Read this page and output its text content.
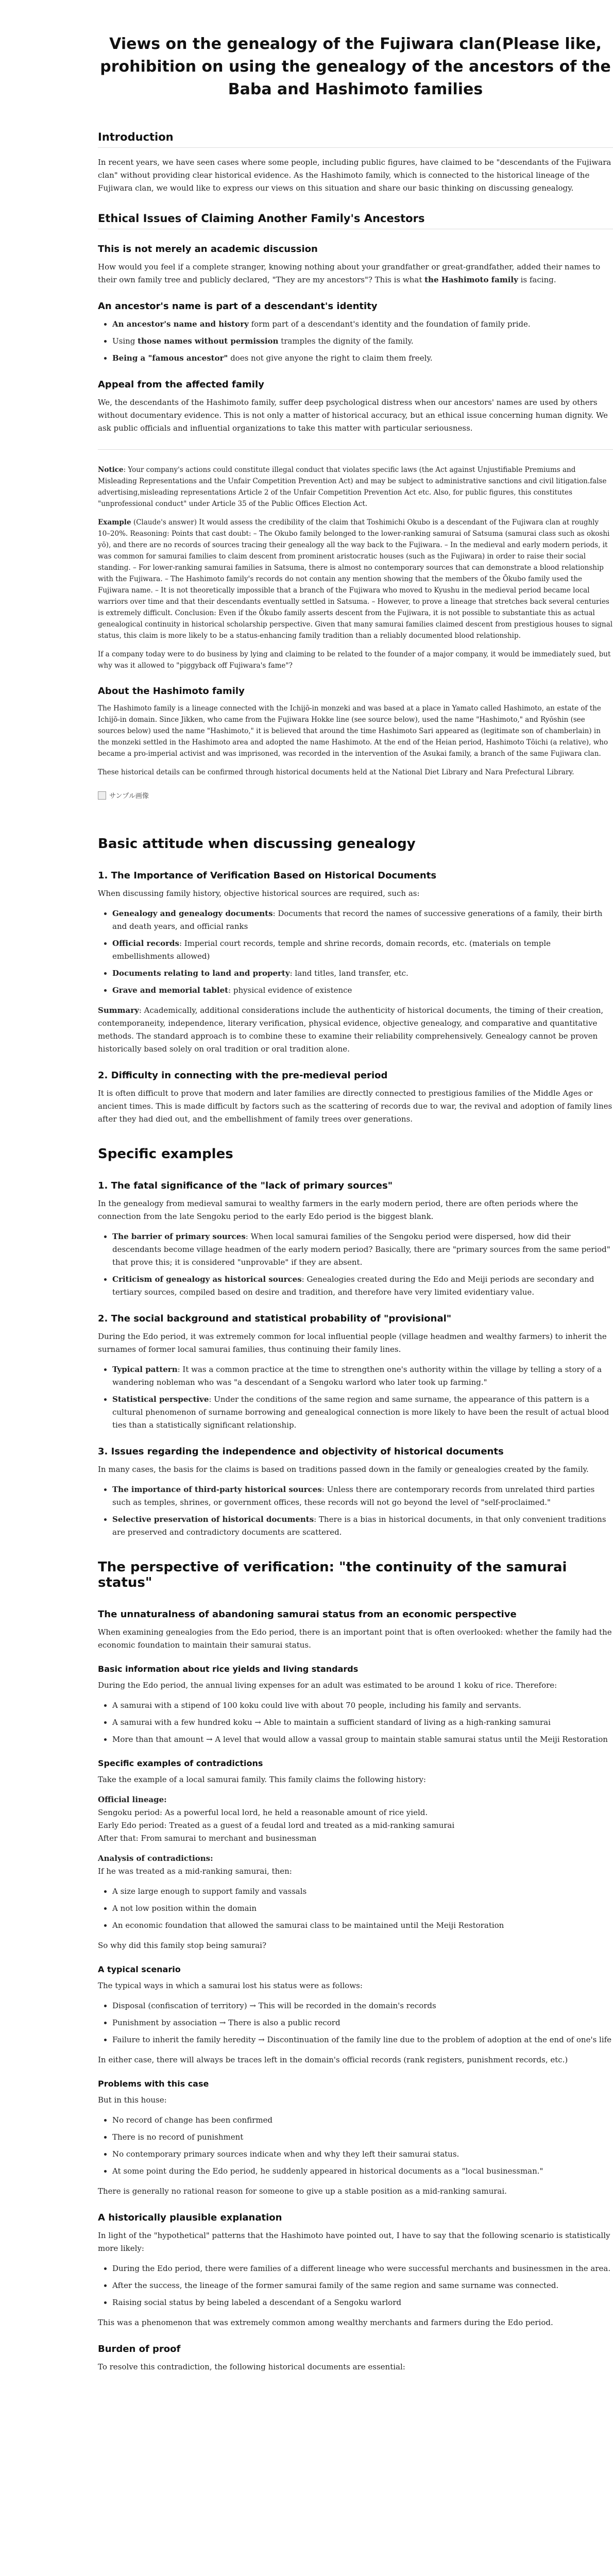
Views on the genealogy of the Fujiwara clan(Please like, prohibition on using the genealogy of the ancestors of the Baba and Hashimoto families
Introduction

In recent years, we have seen cases where some people, including public figures, have claimed to be "descendants of the Fujiwara clan" without providing clear historical evidence. As the Hashimoto family, which is connected to the historical lineage of the Fujiwara clan, we would like to express our views on this situation and share our basic thinking on discussing genealogy.

Ethical Issues of Claiming Another Family's Ancestors
This is not merely an academic discussion

How would you feel if a complete stranger, knowing nothing about your grandfather or great-grandfather, added their names to their own family tree and publicly declared, "They are my ancestors"? This is what the Hashimoto family is facing.

An ancestor's name is part of a descendant's identity
• An ancestor's name and history form part of a descendant's identity and the foundation of family pride.
• Using those names without permission tramples the dignity of the family.
• Being a "famous ancestor" does not give anyone the right to claim them freely.
Appeal from the affected family

We, the descendants of the Hashimoto family, suffer deep psychological distress when our ancestors' names are used by others without documentary evidence. This is not only a matter of historical accuracy, but an ethical issue concerning human dignity. We ask public officials and influential organizations to take this matter with particular seriousness.

Notice: Your company's actions could constitute illegal conduct that violates specific laws (the Act against Unjustifiable Premiums and Misleading Representations and the Unfair Competition Prevention Act) and may be subject to administrative sanctions and civil litigation.false advertising,misleading representations Article 2 of the Unfair Competition Prevention Act etc. Also, for public figures, this constitutes "unprofessional conduct" under Article 35 of the Public Offices Election Act.

Example (Claude's answer) It would assess the credibility of the claim that Toshimichi Okubo is a descendant of the Fujiwara clan at roughly 10–20%. Reasoning: Points that cast doubt: – The Okubo family belonged to the lower-ranking samurai of Satsuma (samurai class such as okoshi yō), and there are no records of sources tracing their genealogy all the way back to the Fujiwara. – In the medieval and early modern periods, it was common for samurai families to claim descent from prominent aristocratic houses (such as the Fujiwara) in order to raise their social standing. – For lower-ranking samurai families in Satsuma, there is almost no contemporary sources that can demonstrate a blood relationship with the Fujiwara. – The Hashimoto family's records do not contain any mention showing that the members of the Ōkubo family used the Fujiwara name. – It is not theoretically impossible that a branch of the Fujiwara who moved to Kyushu in the medieval period became local warriors over time and that their descendants eventually settled in Satsuma. – However, to prove a lineage that stretches back several centuries is extremely difficult. Conclusion: Even if the Ōkubo family asserts descent from the Fujiwara, it is not possible to substantiate this as actual genealogical continuity in historical scholarship perspective. Given that many samurai families claimed descent from prestigious houses to signal status, this claim is more likely to be a status-enhancing family tradition than a reliably documented blood relationship.

If a company today were to do business by lying and claiming to be related to the founder of a major company, it would be immediately sued, but why was it allowed to "piggyback off Fujiwara's fame"?

About the Hashimoto family

The Hashimoto family is a lineage connected with the Ichijō-in monzeki and was based at a place in Yamato called Hashimoto, an estate of the Ichijō-in domain. Since Jikken, who came from the Fujiwara Hokke line (see source below), used the name "Hashimoto," and Ryōshin (see sources below) used the name "Hashimoto," it is believed that around the time Hashimoto Sari appeared as (legitimate son of chamberlain) in the monzeki settled in the Hashimoto area and adopted the name Hashimoto. At the end of the Heian period, Hashimoto Tōichi (a relative), who became a pro-imperial activist and was imprisoned, was recorded in the intervention of the Asukai family, a branch of the same Fujiwara clan.

These historical details can be confirmed through historical documents held at the National Diet Library and Nara Prefectural Library.

サンプル画像
Basic attitude when discussing genealogy
1. The Importance of Verification Based on Historical Documents

When discussing family history, objective historical sources are required, such as:

• Genealogy and genealogy documents: Documents that record the names of successive generations of a family, their birth and death years, and official ranks
• Official records: Imperial court records, temple and shrine records, domain records, etc. (materials on temple embellishments allowed)
• Documents relating to land and property: land titles, land transfer, etc.
• Grave and memorial tablet: physical evidence of existence

Summary: Academically, additional considerations include the authenticity of historical documents, the timing of their creation, contemporaneity, independence, literary verification, physical evidence, objective genealogy, and comparative and quantitative methods. The standard approach is to combine these to examine their reliability comprehensively. Genealogy cannot be proven historically based solely on oral tradition or oral tradition alone.

2. Difficulty in connecting with the pre-medieval period

It is often difficult to prove that modern and later families are directly connected to prestigious families of the Middle Ages or ancient times. This is made difficult by factors such as the scattering of records due to war, the revival and adoption of family lines after they had died out, and the embellishment of family trees over generations.

Specific examples
1. The fatal significance of the "lack of primary sources"

In the genealogy from medieval samurai to wealthy farmers in the early modern period, there are often periods where the connection from the late Sengoku period to the early Edo period is the biggest blank.

• The barrier of primary sources: When local samurai families of the Sengoku period were dispersed, how did their descendants become village headmen of the early modern period? Basically, there are "primary sources from the same period" that prove this; it is considered "unprovable" if they are absent.
• Criticism of genealogy as historical sources: Genealogies created during the Edo and Meiji periods are secondary and tertiary sources, compiled based on desire and tradition, and therefore have very limited evidentiary value.
2. The social background and statistical probability of "provisional"

During the Edo period, it was extremely common for local influential people (village headmen and wealthy farmers) to inherit the surnames of former local samurai families, thus continuing their family lines.

• Typical pattern: It was a common practice at the time to strengthen one's authority within the village by telling a story of a wandering nobleman who was "a descendant of a Sengoku warlord who later took up farming."
• Statistical perspective: Under the conditions of the same region and same surname, the appearance of this pattern is a cultural phenomenon of surname borrowing and genealogical connection is more likely to have been the result of actual blood ties than a statistically significant relationship.
3. Issues regarding the independence and objectivity of historical documents

In many cases, the basis for the claims is based on traditions passed down in the family or genealogies created by the family.

• The importance of third-party historical sources: Unless there are contemporary records from unrelated third parties such as temples, shrines, or government offices, these records will not go beyond the level of "self-proclaimed."
• Selective preservation of historical documents: There is a bias in historical documents, in that only convenient traditions are preserved and contradictory documents are scattered.
The perspective of verification: "the continuity of the samurai status"
The unnaturalness of abandoning samurai status from an economic perspective

When examining genealogies from the Edo period, there is an important point that is often overlooked: whether the family had the economic foundation to maintain their samurai status.

Basic information about rice yields and living standards

During the Edo period, the annual living expenses for an adult was estimated to be around 1 koku of rice. Therefore:

• A samurai with a stipend of 100 koku could live with about 70 people, including his family and servants.
• A samurai with a few hundred koku → Able to maintain a sufficient standard of living as a high-ranking samurai
• More than that amount → A level that would allow a vassal group to maintain stable samurai status until the Meiji Restoration
Specific examples of contradictions

Take the example of a local samurai family. This family claims the following history:

Official lineage:
Sengoku period: As a powerful local lord, he held a reasonable amount of rice yield.
Early Edo period: Treated as a guest of a feudal lord and treated as a mid-ranking samurai
After that: From samurai to merchant and businessman

Analysis of contradictions:
If he was treated as a mid-ranking samurai, then:

• A size large enough to support family and vassals
• A not low position within the domain
• An economic foundation that allowed the samurai class to be maintained until the Meiji Restoration

So why did this family stop being samurai?

A typical scenario

The typical ways in which a samurai lost his status were as follows:

• Disposal (confiscation of territory) → This will be recorded in the domain's records
• Punishment by association → There is also a public record
• Failure to inherit the family heredity → Discontinuation of the family line due to the problem of adoption at the end of one's life

In either case, there will always be traces left in the domain's official records (rank registers, punishment records, etc.)

Problems with this case

But in this house:

• No record of change has been confirmed
• There is no record of punishment
• No contemporary primary sources indicate when and why they left their samurai status.
• At some point during the Edo period, he suddenly appeared in historical documents as a "local businessman."

There is generally no rational reason for someone to give up a stable position as a mid-ranking samurai.

A historically plausible explanation

In light of the "hypothetical" patterns that the Hashimoto have pointed out, I have to say that the following scenario is statistically more likely:

• During the Edo period, there were families of a different lineage who were successful merchants and businessmen in the area.
• After the success, the lineage of the former samurai family of the same region and same surname was connected.
• Raising social status by being labeled a descendant of a Sengoku warlord

This was a phenomenon that was extremely common among wealthy merchants and farmers during the Edo period.

Burden of proof

To resolve this contradiction, the following historical documents are essential:
